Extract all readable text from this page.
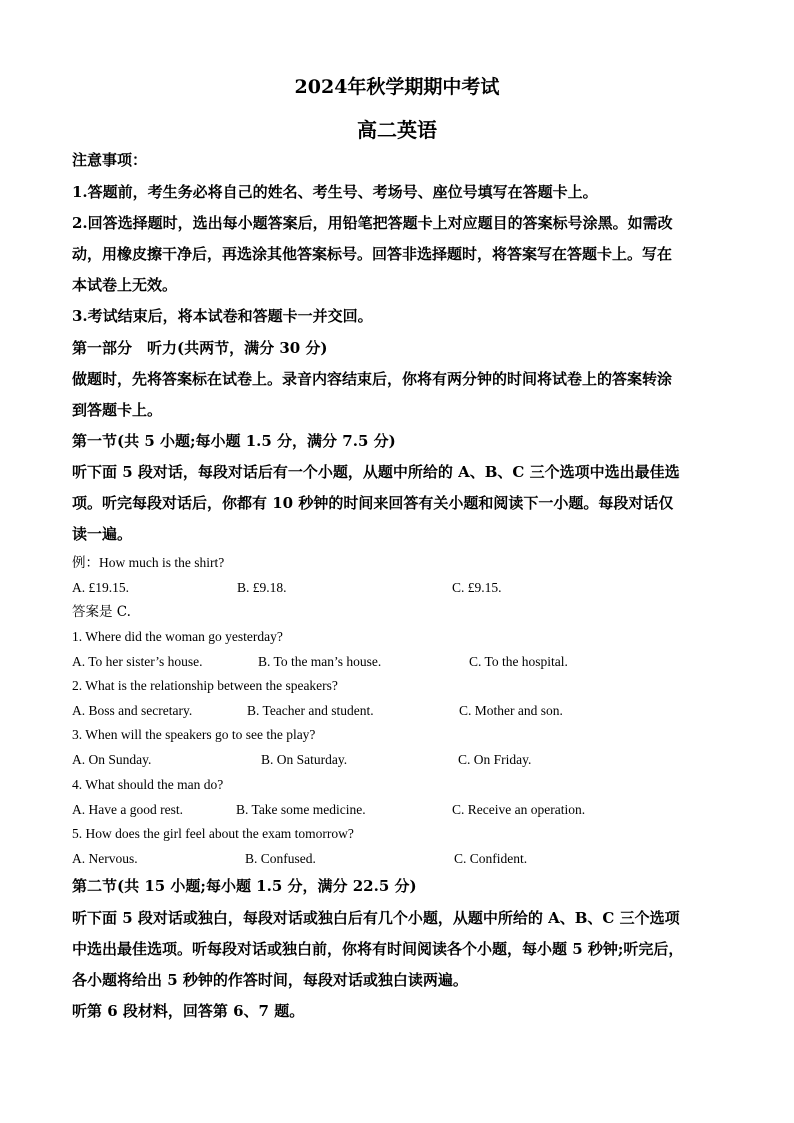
2024年秋学期期中考试
高二英语
注意事项：
1.答题前，考生务必将自己的姓名、考生号、考场号、座位号填写在答题卡上。
2.回答选择题时，选出每小题答案后，用铅笔把答题卡上对应题目的答案标号涂黑。如需改
动，用橡皮擦干净后，再选涂其他答案标号。回答非选择题时，将答案写在答题卡上。写在
本试卷上无效。
3.考试结束后，将本试卷和答题卡一并交回。
第一部分　听力(共两节，满分 30 分)
做题时，先将答案标在试卷上。录音内容结束后，你将有两分钟的时间将试卷上的答案转涂
到答题卡上。
第一节(共 5 小题;每小题 1.5 分，满分 7.5 分)
听下面 5 段对话，每段对话后有一个小题，从题中所给的 A、B、C 三个选项中选出最佳选
项。听完每段对话后，你都有 10 秒钟的时间来回答有关小题和阅读下一小题。每段对话仅
读一遍。
例：How much is the shirt?
A. £19.15.	B. £9.18.	C. £9.15.
答案是 C.
1. Where did the woman go yesterday?
A. To her sister’s house.	B. To the man’s house.	C. To the hospital.
2. What is the relationship between the speakers?
A. Boss and secretary.	B. Teacher and student.	C. Mother and son.
3. When will the speakers go to see the play?
A. On Sunday.	B. On Saturday.	C. On Friday.
4. What should the man do?
A. Have a good rest.	B. Take some medicine.	C. Receive an operation.
5. How does the girl feel about the exam tomorrow?
A. Nervous.	B. Confused.	C. Confident.
第二节(共 15 小题;每小题 1.5 分，满分 22.5 分)
听下面 5 段对话或独白，每段对话或独白后有几个小题，从题中所给的 A、B、C 三个选项
中选出最佳选项。听每段对话或独白前，你将有时间阅读各个小题，每小题 5 秒钟;听完后，
各小题将给出 5 秒钟的作答时间，每段对话或独白读两遍。
听第 6 段材料，回答第 6、7 题。
